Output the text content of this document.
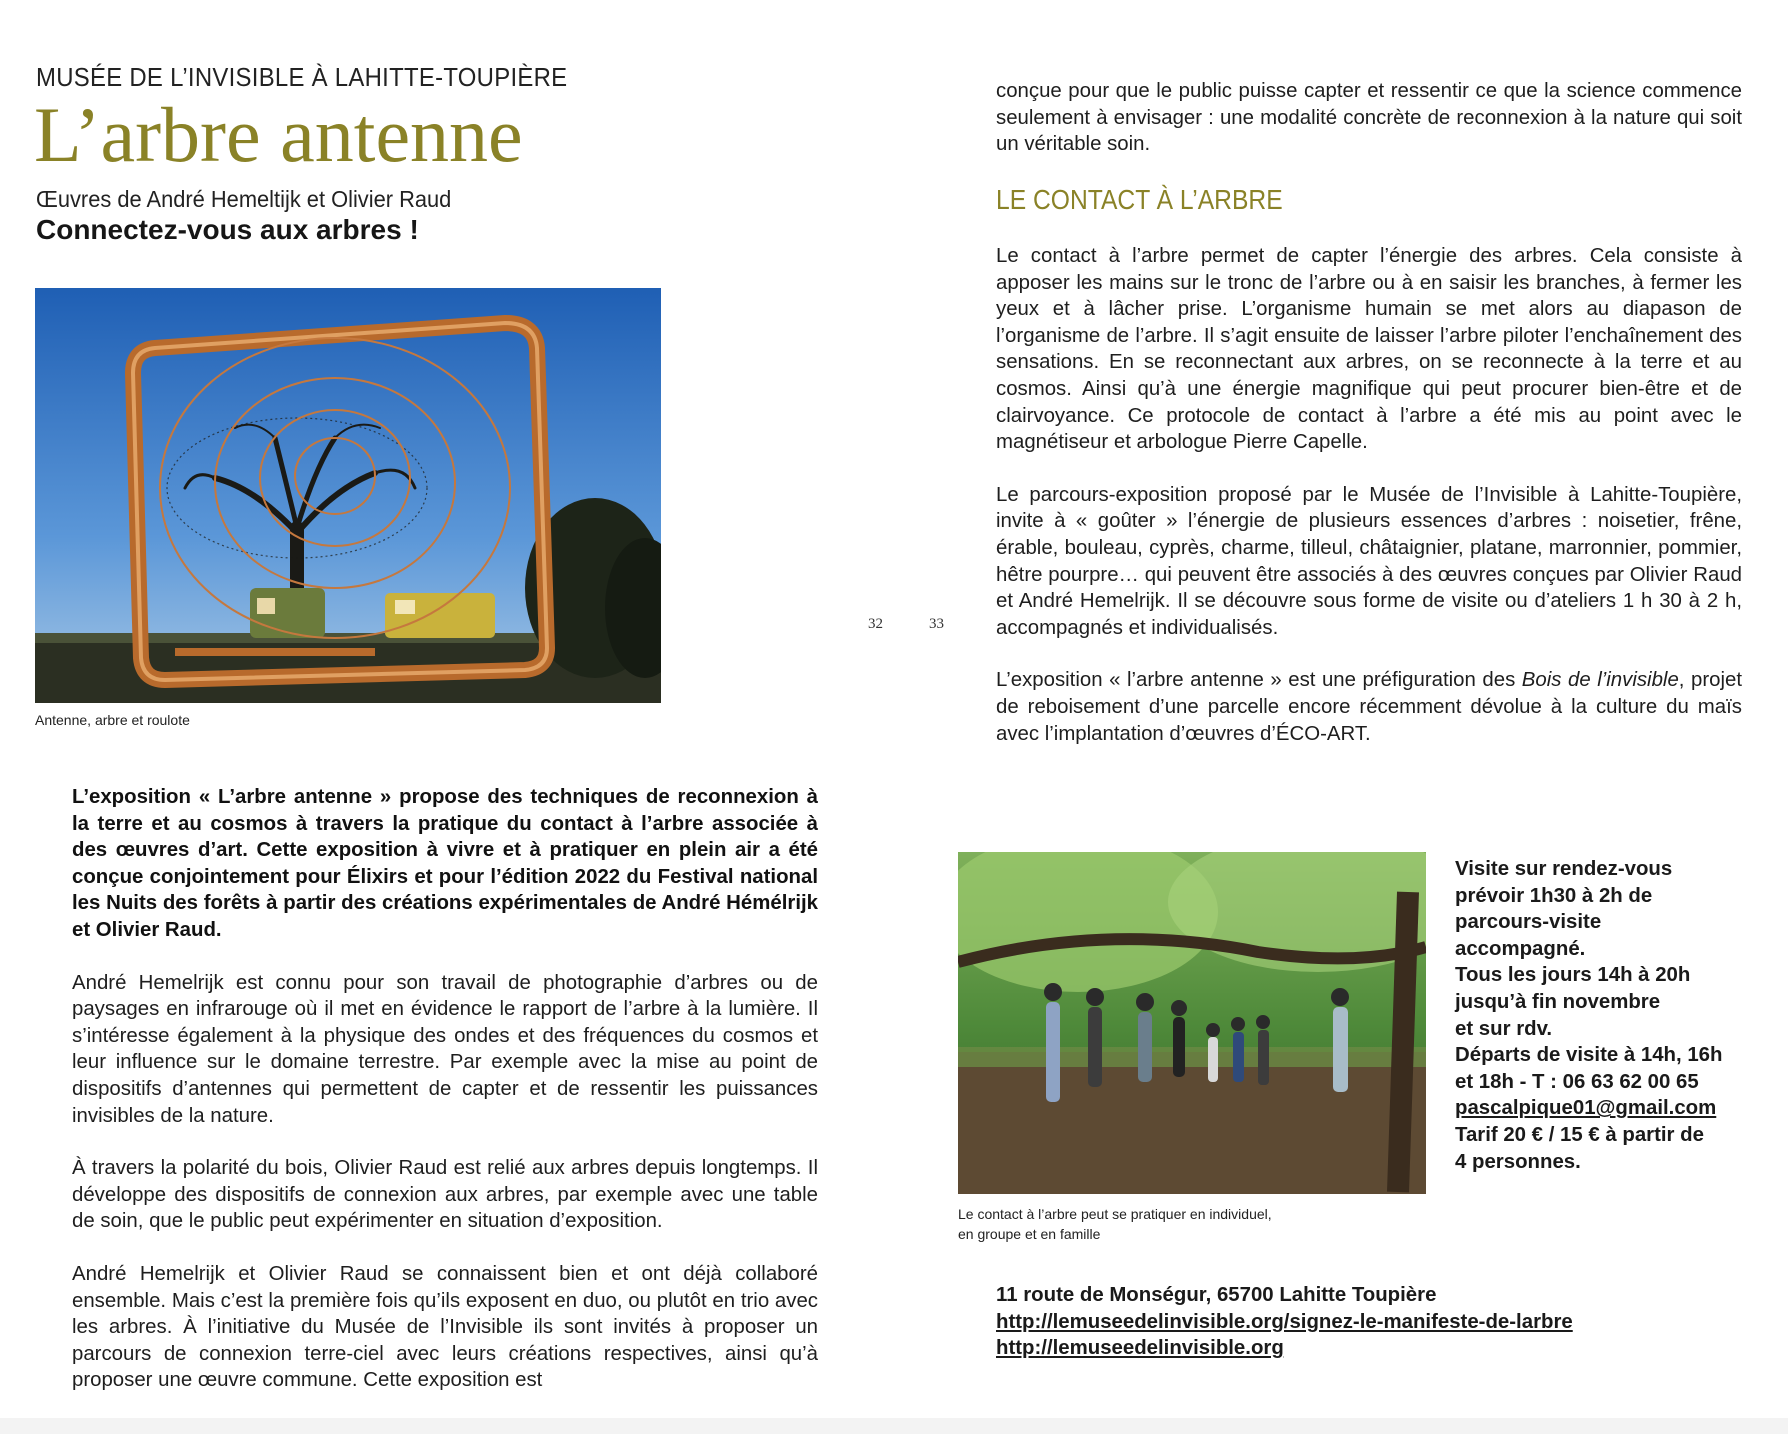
MUSÉE DE L’INVISIBLE À LAHITTE-TOUPIÈRE
L’arbre antenne
Œuvres de André Hemeltijk et Olivier Raud
Connectez-vous aux arbres !
Antenne, arbre et roulote

L’exposition « L’arbre antenne » propose des techniques de reconnexion à la terre et au cosmos à travers la pratique du contact à l’arbre associée à des œuvres d’art. Cette exposition à vivre et à pratiquer en plein air a été conçue conjointement pour Élixirs et pour l’édition 2022 du Festival national les Nuits des forêts à partir des créations expérimentales de André Hémélrijk et Olivier Raud.

André Hemelrijk est connu pour son travail de photographie d’arbres ou de paysages en infrarouge où il met en évidence le rapport de l’arbre à la lumière. Il s’intéresse également à la physique des ondes et des fréquences du cosmos et leur influence sur le domaine terrestre. Par exemple avec la mise au point de dispositifs d’antennes qui permettent de capter et de ressentir les puissances invisibles de la nature.

À travers la polarité du bois, Olivier Raud est relié aux arbres depuis longtemps. Il développe des dispositifs de connexion aux arbres, par exemple avec une table de soin, que le public peut expérimenter en situation d’exposition.

André Hemelrijk et Olivier Raud se connaissent bien et ont déjà collaboré ensemble. Mais c’est la première fois qu’ils exposent en duo, ou plutôt en trio avec les arbres. À l’initiative du Musée de l’Invisible ils sont invités à proposer un parcours de connexion terre-ciel avec leurs créations respectives, ainsi qu’à proposer une œuvre commune. Cette exposition est

32	33

conçue pour que le public puisse capter et ressentir ce que la science commence seulement à envisager : une modalité concrète de reconnexion à la nature qui soit un véritable soin.

LE CONTACT À L’ARBRE

Le contact à l’arbre permet de capter l’énergie des arbres. Cela consiste à apposer les mains sur le tronc de l’arbre ou à en saisir les branches, à fermer les yeux et à lâcher prise. L’organisme humain se met alors au diapason de l’organisme de l’arbre. Il s’agit ensuite de laisser l’arbre piloter l’enchaînement des sensations. En se reconnectant aux arbres, on se reconnecte à la terre et au cosmos. Ainsi qu’à une énergie magnifique qui peut procurer bien-être et de clairvoyance. Ce protocole de contact à l’arbre a été mis au point avec le magnétiseur et arbologue Pierre Capelle.

Le parcours-exposition proposé par le Musée de l’Invisible à Lahitte-Toupière, invite à « goûter » l’énergie de plusieurs essences d’arbres : noisetier, frêne, érable, bouleau, cyprès, charme, tilleul, châtaignier, platane, marronnier, pommier, hêtre pourpre… qui peuvent être associés à des œuvres conçues par Olivier Raud et André Hemelrijk. Il se découvre sous forme de visite ou d’ateliers 1 h 30 à 2 h, accompagnés et individualisés.

L’exposition « l’arbre antenne » est une préfiguration des Bois de l’invisible, projet de reboisement d’une parcelle encore récemment dévolue à la culture du maïs avec l’implantation d’œuvres d’ÉCO-ART.

Le contact à l’arbre peut se pratiquer en individuel,
en groupe et en famille
Visite sur rendez-vous
prévoir 1h30 à 2h de
parcours-visite
accompagné.
Tous les jours 14h à 20h
jusqu’à fin novembre
et sur rdv.
Départs de visite à 14h, 16h
et 18h - T : 06 63 62 00 65
pascalpique01@gmail.com
Tarif 20 € / 15 € à partir de
4 personnes.
11 route de Monségur, 65700 Lahitte Toupière
http://lemuseedelinvisible.org/signez-le-manifeste-de-larbre
http://lemuseedelinvisible.org
